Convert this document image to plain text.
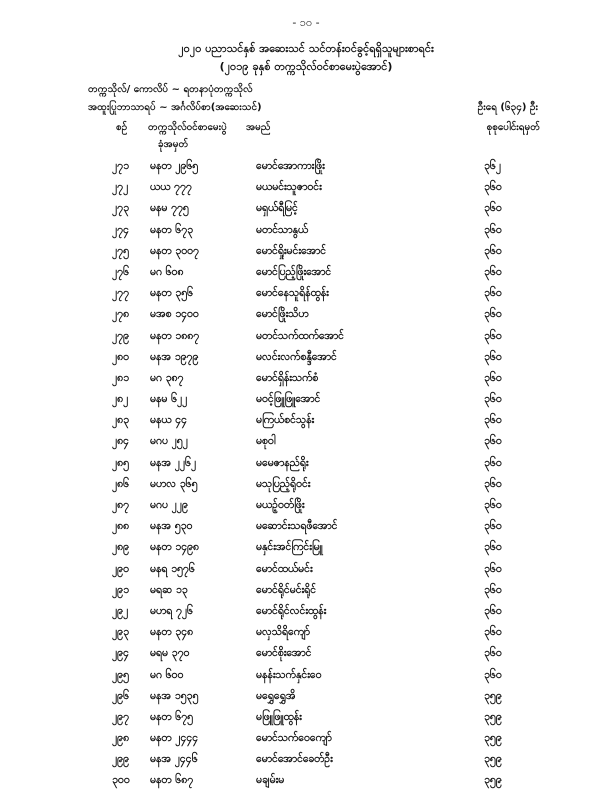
- ၁၀ -
၂၀၂၀ ပညာသင်နှစ် အဆေးသင် သင်တန်းဝင်ခွင့်ရရှိသူများစာရင်း
(၂၀၁၉ ခုနှစ် တက္ကသိုလ်ဝင်စာမေးပွဲအောင်)
တက္ကသိုလ်/ ကောလိပ် ~ ရတနာပုံတက္ကသိုလ်
အထူးပြုဘာသာရပ် ~ အင်္ဂလိပ်စာ(အဆေးသင်)	ဦးရေ (၆၃၄) ဦး
စဉ် တက္ကသိုလ်ဝင်စာမေးပွဲ
ခုံအမှတ်
အမည်	စုစုပေါင်းရမှတ်
၂၇၁ မနတ ၂၉၆၅	မောင်အောကားဖြိုး	၃၆၂
၂၇၂ ယယ ၇၇၇	မယမင်းသူဇာဝင်း	၃၆၀
၂၇၃ မနမ ၇၇၅	မရှယ်ရီမြင့်	၃၆၀
၂၇၄ မနတ ၆၇၃	မတင်သာနွယ်	၃၆၀
၂၇၅ မနတ ၃၀၀၇	မောင်ရှိုးမင်းအောင်	၃၆၀
၂၇၆ မဂ ၆၀၈	မောင်ပြည့်ဖြိုးအောင်	၃၆၀
၂၇၇ မနတ ၃၅၆	မောင်နေသူရိန်ထွန်း	၃၆၀
၂၇၈ မအစ ၁၄၀၀	မောင်ဖြိုးသိဟ	၃၆၀
၂၇၉ မနတ ၁၈၈၇	မတင်သက်ထက်အောင်	၃၆၀
၂၈၀ မနအ ၁၉၇၉	မလင်းလက်စန္ဒီအောင်	၃၆၀
၂၈၁ မဂ ၃၈၇	မောင်ရှိန်းသက်စံ	၃၆၀
၂၈၂ မနမ ၆၂၂	မဝင့်ဖြူဖြူအောင်	၃၆၀
၂၈၃ မနယ ၄၄	မကြယ်စင်သွန်း	၃၆၀
၂၈၄ မဂပ ၂၅၂	မစုဝါ	၃၆၀
၂၈၅ မနအ ၂၂၆၂	မမေဇာနည်ရိုး	၃၆၀
၂၈၆ မဟလ ၃၆၅	မသုပြည့်ရိုဝင်း	၃၆၀
၂၈၇ မဂပ ၂၂၉	မယဉ့်ဝတ်ဖြိုး	၃၆၀
၂၈၈ မနအ ၅၃၀	မဆောင်းသရဖီအောင်	၃၆၀
၂၈၉ မနတ ၁၄၉၈	မနှင်းအင်ကြင်းမြူ	၃၆၀
၂၉၀ မနရ ၁၅၇၆	မောင်ထယ်မင်း	၃၆၀
၂၉၁ မရဆ ၁၃	မောင်ရိုင်မင်းရိုင်	၃၆၀
၂၉၂ မဟရ ၇၂၆	မောင်ရိုင်လင်းထွန်း	၃၆၀
၂၉၃ မနတ ၃၄၈	မလှသိရိကျော်	၃၆၀
၂၉၄ မရမ ၃၇၀	မောင်စိုးအောင်	၃၆၀
၂၉၅ မဂ ၆၀၀	မနန်းသက်နှင်းဝေ	၃၆၀
၂၉၆ မနအ ၁၅၃၅	မရွှေရွှေအိ	၃၅၉
၂၉၇ မနတ ၆၇၅	မဖြူဖြူထွန်း	၃၅၉
၂၉၈ မနတ ၂၄၄၄	မောင်သက်ဝေကျော်	၃၅၉
၂၉၉ မနအ ၂၄၄၆	မောင်အောင်ခေတ်ဦး	၃၅၉
၃၀၀ မနတ ၆၈၇	မချမ်းမ	၃၅၉
